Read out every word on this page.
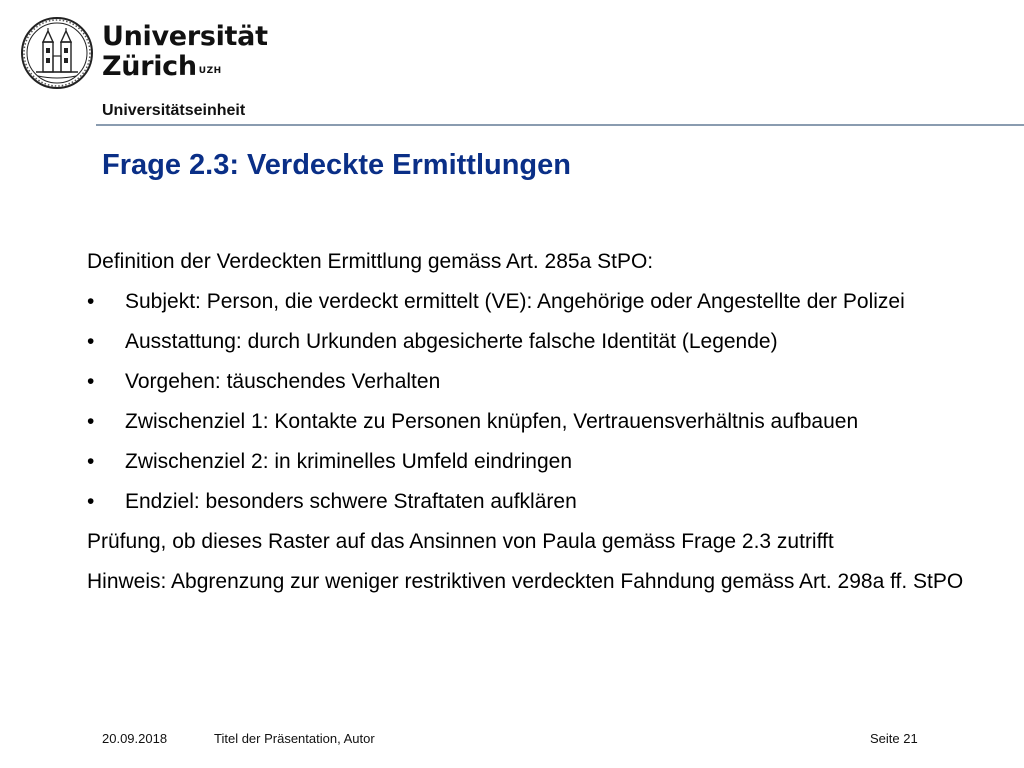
Universität
Zürich $^{UZH}$
Universitätseinheit
Frage 2.3: Verdeckte Ermittlungen

Definition der Verdeckten Ermittlung gemäss Art. 285a StPO:

• Subjekt: Person, die verdeckt ermittelt (VE): Angehörige oder Angestellte der Polizei
• Ausstattung: durch Urkunden abgesicherte falsche Identität (Legende)
• Vorgehen: täuschendes Verhalten
• Zwischenziel 1: Kontakte zu Personen knüpfen, Vertrauensverhältnis aufbauen
• Zwischenziel 2: in kriminelles Umfeld eindringen
• Endziel: besonders schwere Straftaten aufklären

Prüfung, ob dieses Raster auf das Ansinnen von Paula gemäss Frage 2.3 zutrifft

Hinweis: Abgrenzung zur weniger restriktiven verdeckten Fahndung gemäss Art. 298a ff. StPO

20.09.2018	Titel der Präsentation, Autor	Seite 21
